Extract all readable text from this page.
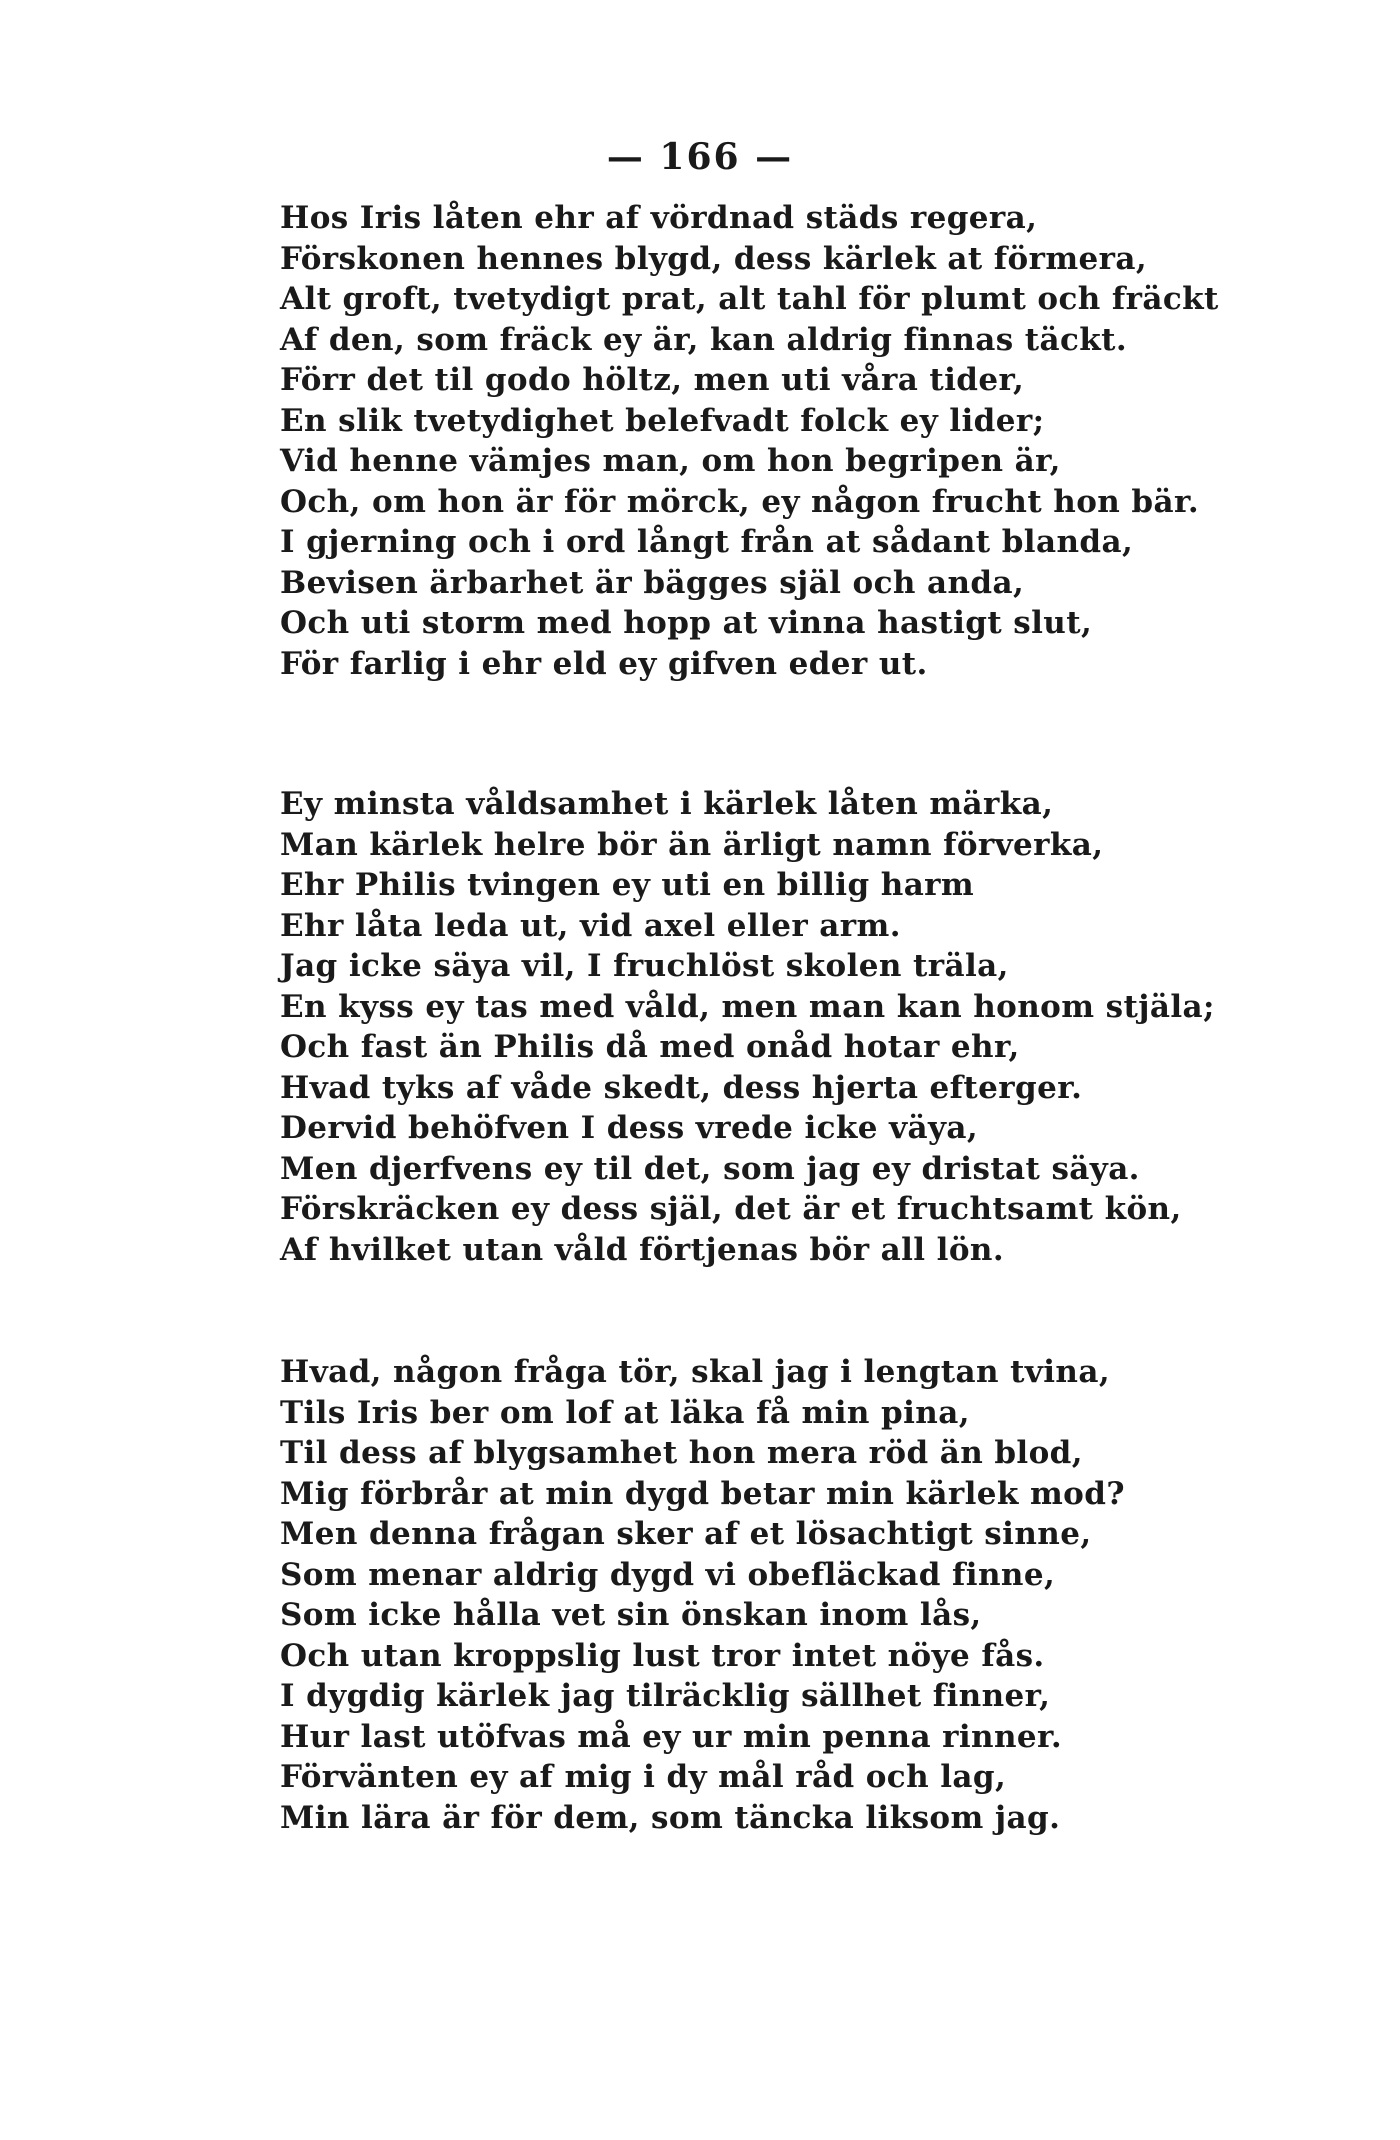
— 166 —
Hos Iris låten ehr af vördnad städs regera,
Förskonen hennes blygd, dess kärlek at förmera,
Alt groft, tvetydigt prat, alt tahl för plumt och fräckt
Af den, som fräck ey är, kan aldrig finnas täckt.
Förr det til godo höltz, men uti våra tider,
En slik tvetydighet belefvadt folck ey lider;
Vid henne vämjes man, om hon begripen är,
Och, om hon är för mörck, ey någon frucht hon bär.
I gjerning och i ord långt från at sådant blanda,
Bevisen ärbarhet är bägges själ och anda,
Och uti storm med hopp at vinna hastigt slut,
För farlig i ehr eld ey gifven eder ut.
Ey minsta våldsamhet i kärlek låten märka,
Man kärlek helre bör än ärligt namn förverka,
Ehr Philis tvingen ey uti en billig harm
Ehr låta leda ut, vid axel eller arm.
Jag icke säya vil, I fruchlöst skolen träla,
En kyss ey tas med våld, men man kan honom stjäla;
Och fast än Philis då med onåd hotar ehr,
Hvad tyks af våde skedt, dess hjerta efterger.
Dervid behöfven I dess vrede icke väya,
Men djerfvens ey til det, som jag ey dristat säya.
Förskräcken ey dess själ, det är et fruchtsamt kön,
Af hvilket utan våld förtjenas bör all lön.
Hvad, någon fråga tör, skal jag i lengtan tvina,
Tils Iris ber om lof at läka få min pina,
Til dess af blygsamhet hon mera röd än blod,
Mig förbrår at min dygd betar min kärlek mod?
Men denna frågan sker af et lösachtigt sinne,
Som menar aldrig dygd vi obefläckad finne,
Som icke hålla vet sin önskan inom lås,
Och utan kroppslig lust tror intet nöye fås.
I dygdig kärlek jag tilräcklig sällhet finner,
Hur last utöfvas må ey ur min penna rinner.
Förvänten ey af mig i dy mål råd och lag,
Min lära är för dem, som täncka liksom jag.
